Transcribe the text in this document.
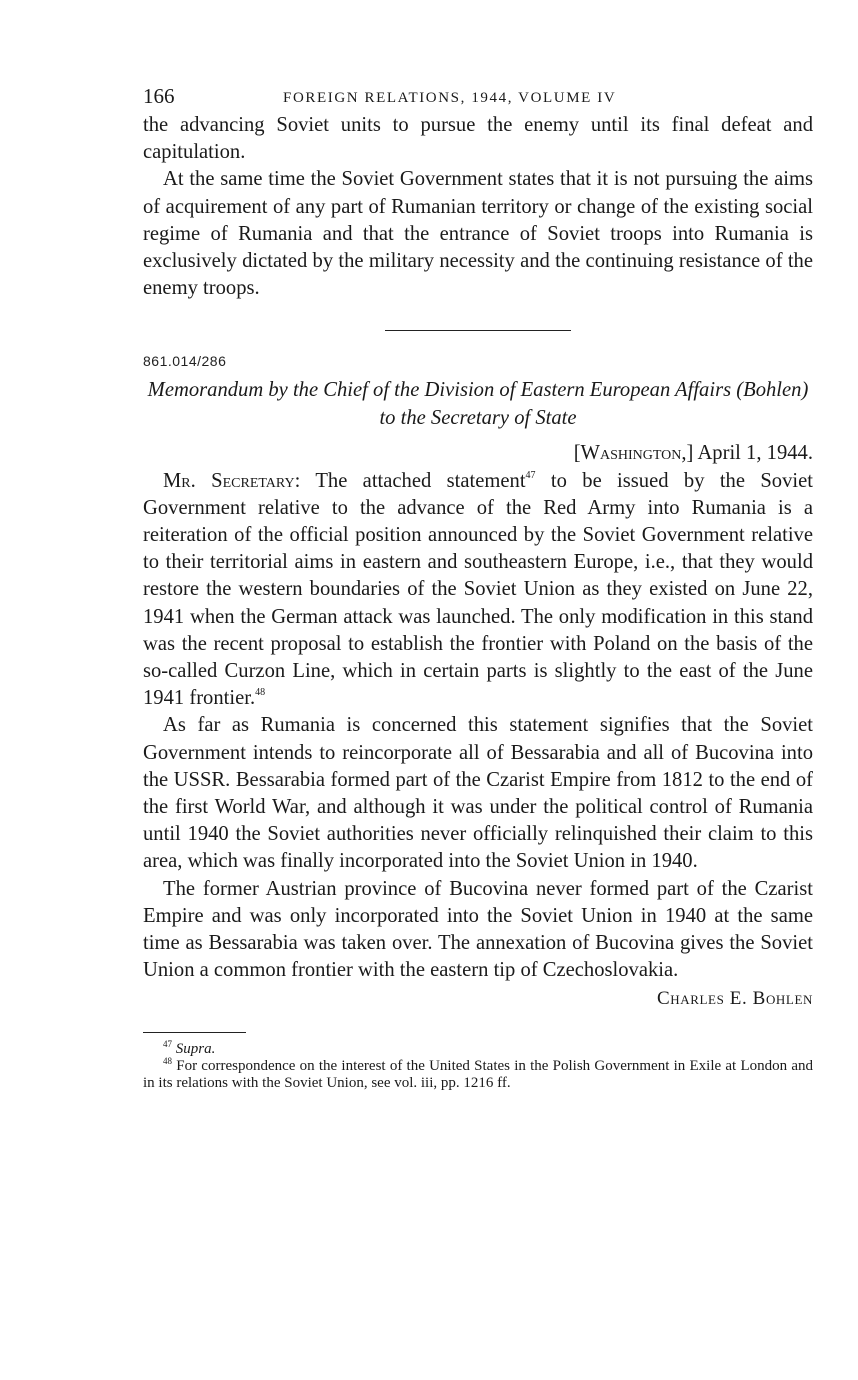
166	FOREIGN RELATIONS, 1944, VOLUME IV

the advancing Soviet units to pursue the enemy until its final defeat and capitulation.

At the same time the Soviet Government states that it is not pursuing the aims of acquirement of any part of Rumanian territory or change of the existing social regime of Rumania and that the entrance of Soviet troops into Rumania is exclusively dictated by the military necessity and the continuing resistance of the enemy troops.

861.014/286
Memorandum by the Chief of the Division of Eastern European Affairs (Bohlen) to the Secretary of State
[Washington,] April 1, 1944.

Mr. Secretary: The attached statement$^{47}$ to be issued by the Soviet Government relative to the advance of the Red Army into Rumania is a reiteration of the official position announced by the Soviet Government relative to their territorial aims in eastern and southeastern Europe, i.e., that they would restore the western boundaries of the Soviet Union as they existed on June 22, 1941 when the German attack was launched. The only modification in this stand was the recent proposal to establish the frontier with Poland on the basis of the so-called Curzon Line, which in certain parts is slightly to the east of the June 1941 frontier.$^{48}$

As far as Rumania is concerned this statement signifies that the Soviet Government intends to reincorporate all of Bessarabia and all of Bucovina into the USSR. Bessarabia formed part of the Czarist Empire from 1812 to the end of the first World War, and although it was under the political control of Rumania until 1940 the Soviet authorities never officially relinquished their claim to this area, which was finally incorporated into the Soviet Union in 1940.

The former Austrian province of Bucovina never formed part of the Czarist Empire and was only incorporated into the Soviet Union in 1940 at the same time as Bessarabia was taken over. The annexation of Bucovina gives the Soviet Union a common frontier with the eastern tip of Czechoslovakia.

Charles E. Bohlen

$^{47}$ Supra.

$^{48}$ For correspondence on the interest of the United States in the Polish Government in Exile at London and in its relations with the Soviet Union, see vol. iii, pp. 1216 ff.
